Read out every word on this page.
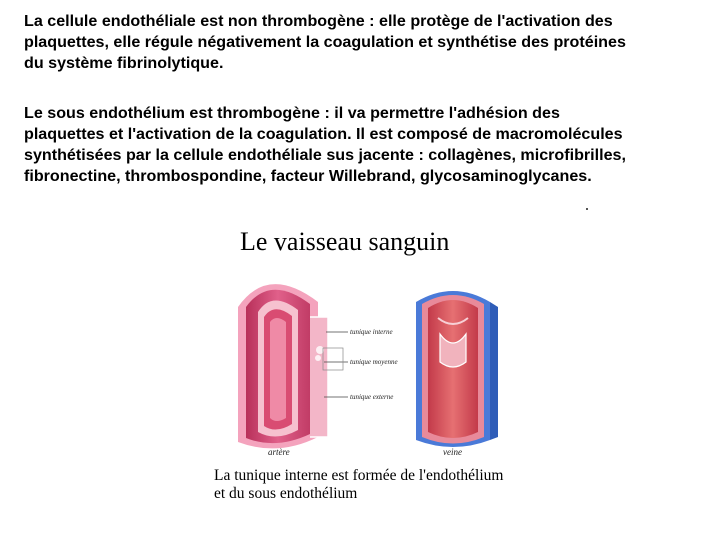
La cellule endothéliale est non thrombogène : elle protège de l'activation des
plaquettes, elle régule négativement la coagulation et synthétise des protéines
du système fibrinolytique.
Le sous endothélium est thrombogène : il va permettre l'adhésion des
plaquettes et l'activation de la coagulation. Il est composé de macromolécules
synthétisées par la cellule endothéliale sus jacente : collagènes, microfibrilles,
fibronectine, thrombospondine, facteur Willebrand, glycosaminoglycanes.
Le vaisseau sanguin
tunique interne
tunique moyenne
tunique externe
artère	veine
La tunique interne est formée de l'endothélium
et du sous endothélium
